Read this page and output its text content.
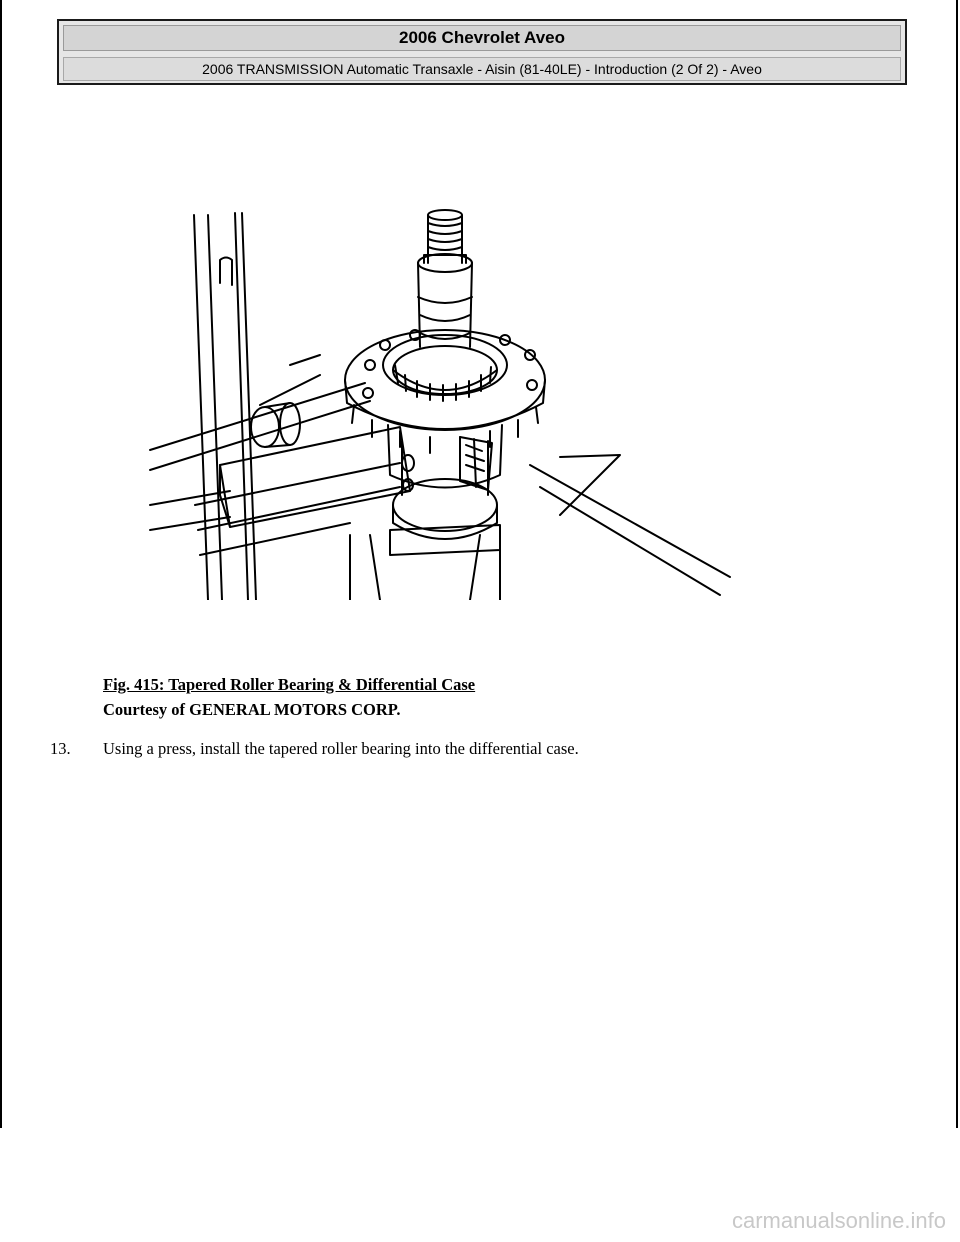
2006 Chevrolet Aveo
2006 TRANSMISSION Automatic Transaxle - Aisin (81-40LE) - Introduction (2 Of 2) - Aveo
Fig. 415: Tapered Roller Bearing & Differential Case
Courtesy of GENERAL MOTORS CORP.
13.	Using a press, install the tapered roller bearing into the differential case.
carmanualsonline.info
